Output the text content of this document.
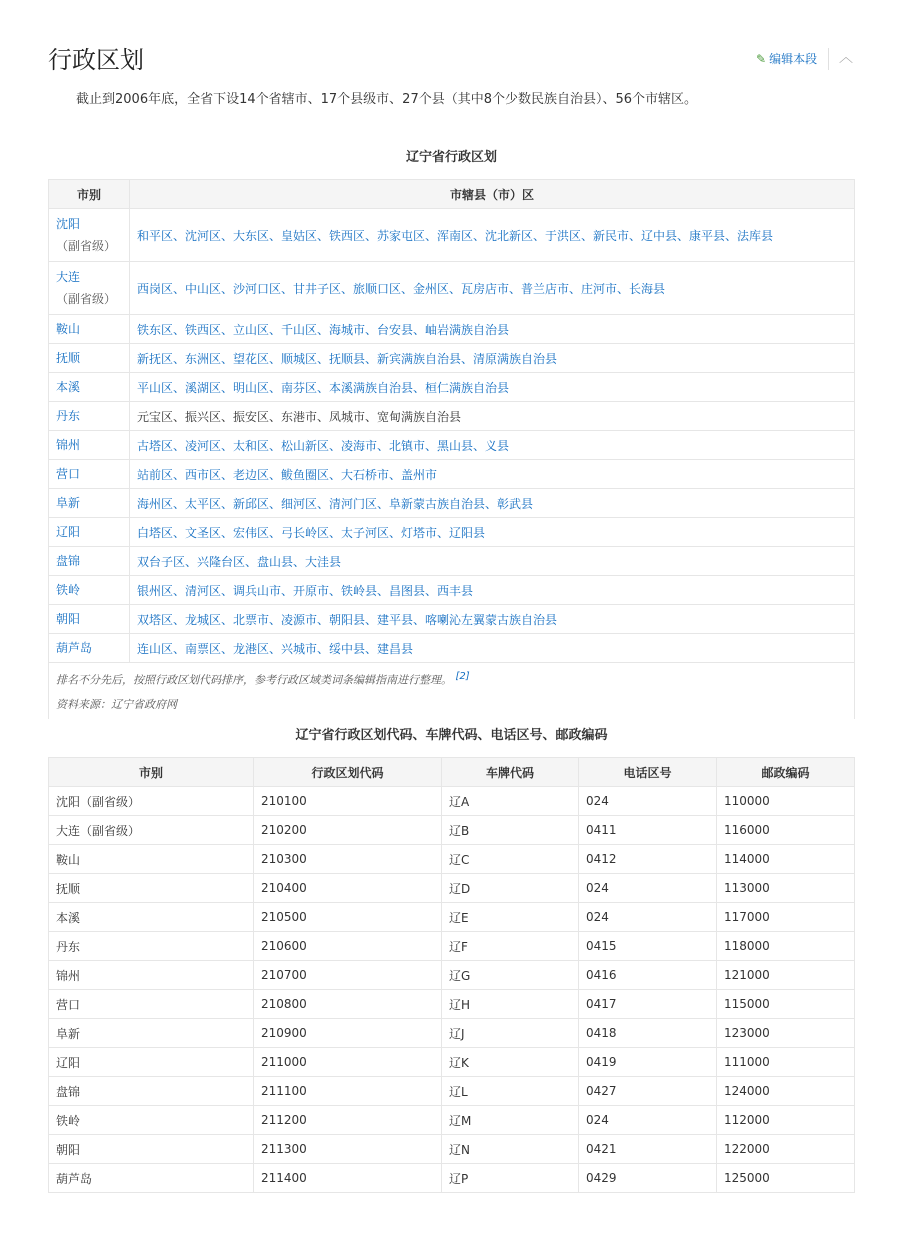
行政区划	✎ 编辑本段 ︿

截止到2006年底，全省下设14个省辖市、17个县级市、27个县（其中8个少数民族自治县）、56个市辖区。

辽宁省行政区划
市别	市辖县（市）区
沈阳
（副省级）	和平区、沈河区、大东区、皇姑区、铁西区、苏家屯区、浑南区、沈北新区、于洪区、新民市、辽中县、康平县、法库县
大连
（副省级）	西岗区、中山区、沙河口区、甘井子区、旅顺口区、金州区、瓦房店市、普兰店市、庄河市、长海县
鞍山	铁东区、铁西区、立山区、千山区、海城市、台安县、岫岩满族自治县
抚顺	新抚区、东洲区、望花区、顺城区、抚顺县、新宾满族自治县、清原满族自治县
本溪	平山区、溪湖区、明山区、南芬区、本溪满族自治县、桓仁满族自治县
丹东	元宝区、振兴区、振安区、东港市、凤城市、宽甸满族自治县
锦州	古塔区、凌河区、太和区、松山新区、凌海市、北镇市、黑山县、义县
营口	站前区、西市区、老边区、鲅鱼圈区、大石桥市、盖州市
阜新	海州区、太平区、新邱区、细河区、清河门区、阜新蒙古族自治县、彰武县
辽阳	白塔区、文圣区、宏伟区、弓长岭区、太子河区、灯塔市、辽阳县
盘锦	双台子区、兴隆台区、盘山县、大洼县
铁岭	银州区、清河区、调兵山市、开原市、铁岭县、昌图县、西丰县
朝阳	双塔区、龙城区、北票市、凌源市、朝阳县、建平县、喀喇沁左翼蒙古族自治县
葫芦岛	连山区、南票区、龙港区、兴城市、绥中县、建昌县
排名不分先后，按照行政区划代码排序，参考行政区域类词条编辑指南进行整理。 [2]
资料来源：辽宁省政府网	
辽宁省行政区划代码、车牌代码、电话区号、邮政编码
市别	行政区划代码	车牌代码	电话区号	邮政编码
沈阳（副省级）	210100	辽A	024	110000
大连（副省级）	210200	辽B	0411	116000
鞍山	210300	辽C	0412	114000
抚顺	210400	辽D	024	113000
本溪	210500	辽E	024	117000
丹东	210600	辽F	0415	118000
锦州	210700	辽G	0416	121000
营口	210800	辽H	0417	115000
阜新	210900	辽J	0418	123000
辽阳	211000	辽K	0419	111000
盘锦	211100	辽L	0427	124000
铁岭	211200	辽M	024	112000
朝阳	211300	辽N	0421	122000
葫芦岛	211400	辽P	0429	125000
